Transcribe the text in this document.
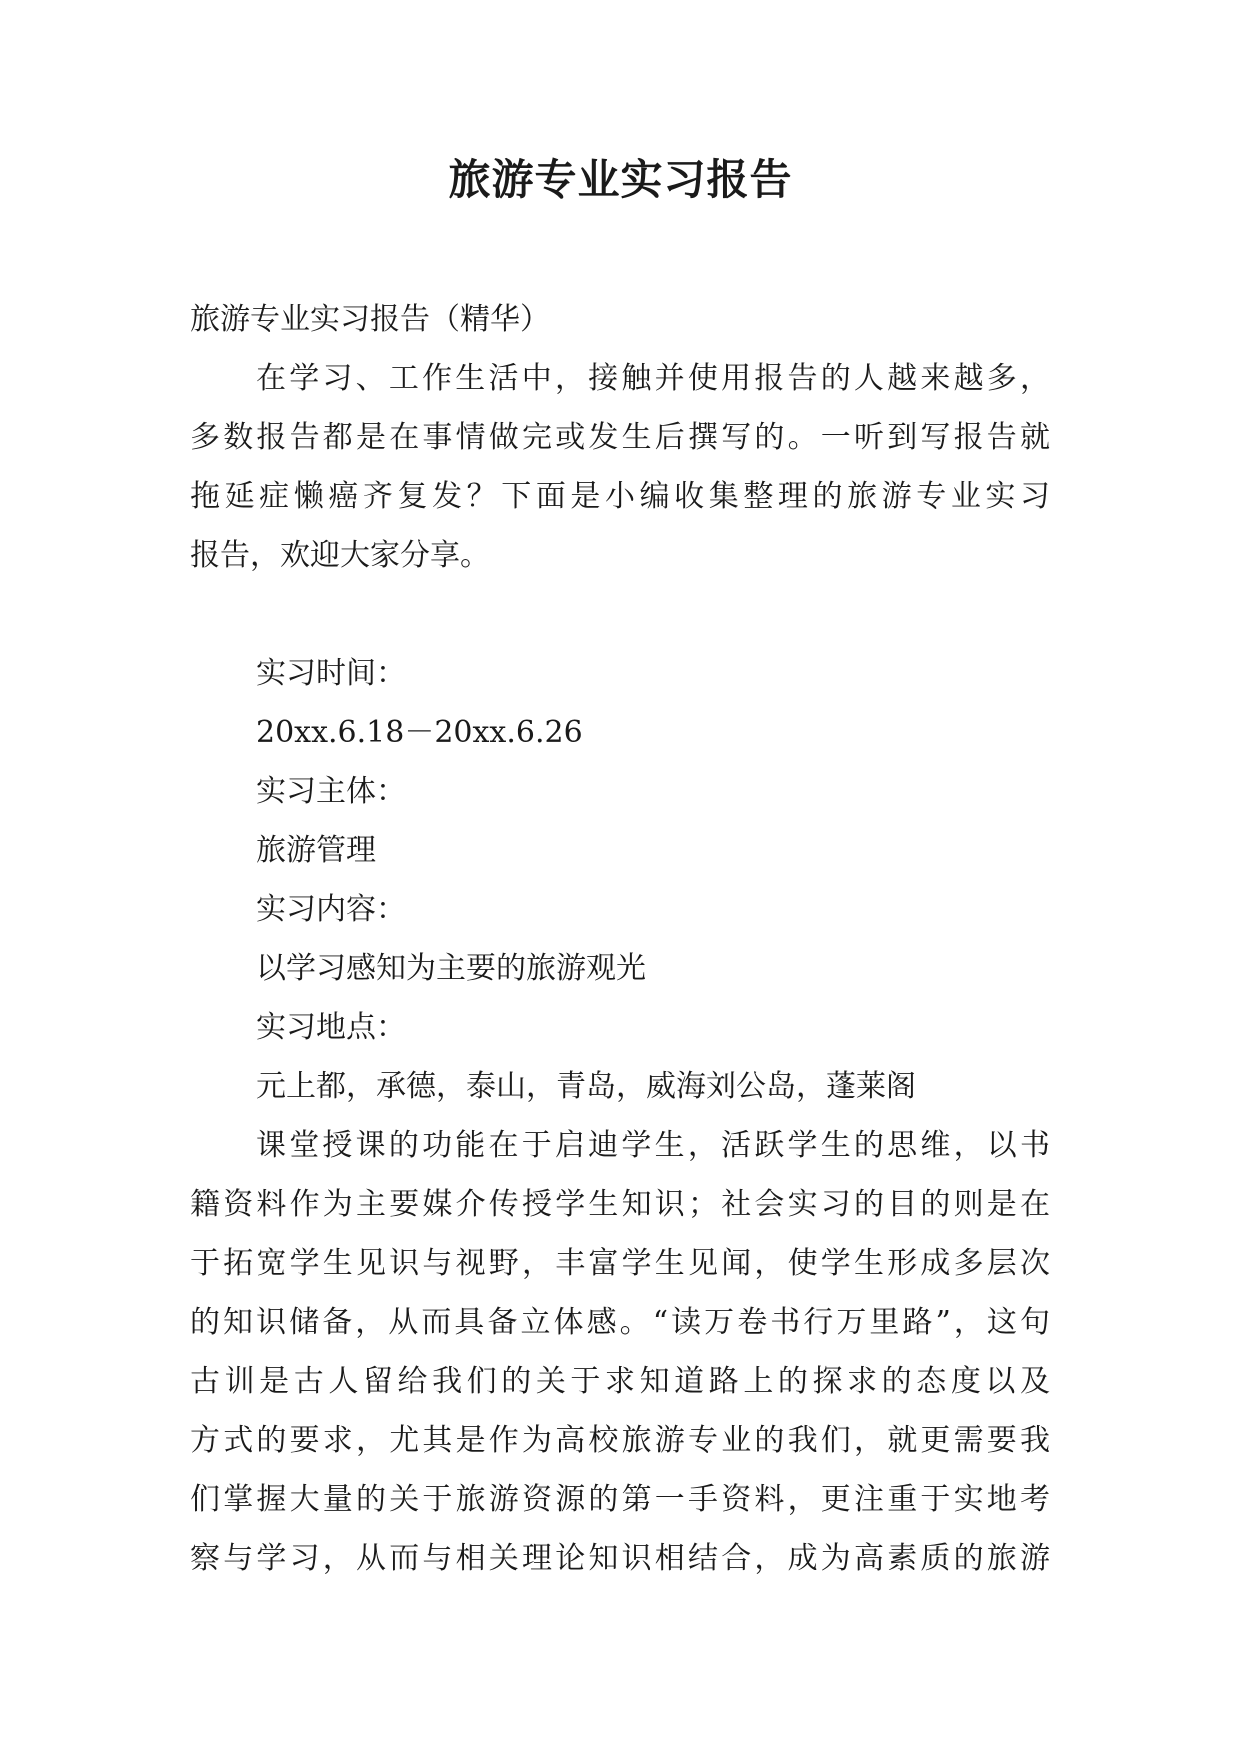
旅游专业实习报告
旅游专业实习报告（精华）
在学习、工作生活中，接触并使用报告的人越来越多，
多数报告都是在事情做完或发生后撰写的。一听到写报告就
拖延症懒癌齐复发？下面是小编收集整理的旅游专业实习
报告，欢迎大家分享。
实习时间：
20xx.6.18－20xx.6.26
实习主体：
旅游管理
实习内容：
以学习感知为主要的旅游观光
实习地点：
元上都，承德，泰山，青岛，威海刘公岛，蓬莱阁
课堂授课的功能在于启迪学生，活跃学生的思维，以书
籍资料作为主要媒介传授学生知识；社会实习的目的则是在
于拓宽学生见识与视野，丰富学生见闻，使学生形成多层次
的知识储备，从而具备立体感。“读万卷书行万里路”，这句
古训是古人留给我们的关于求知道路上的探求的态度以及
方式的要求，尤其是作为高校旅游专业的我们，就更需要我
们掌握大量的关于旅游资源的第一手资料，更注重于实地考
察与学习，从而与相关理论知识相结合，成为高素质的旅游
